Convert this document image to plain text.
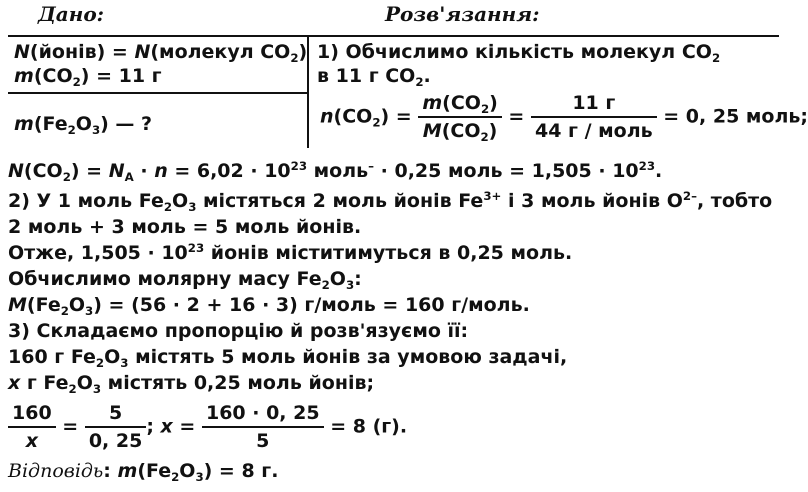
Дано:	Розв'язання:
N(йонів) = N(молекул $CO_2$)
$m(CO_2) = 11$ г
$m(Fe_2O_3)$ — ?
1) Обчислимо кількість молекул $CO_2$
в 11 г $CO_2$.
$n(CO_2) = \frac{m(CO_2)}{M(CO_2)} = \frac{11 г}{\text{44 г / моль}} = 0$, 25 моль;
$N(CO_2) = N_A \cdot n = 6,02 \cdot 10^{23}$ моль– · 0,25 моль = $1,505 \cdot 10^{23}$.
2) У 1 моль $Fe_2O_3$ містяться 2 моль йонів $Fe^{3+}$ і 3 моль йонів $O^{2-}$, тобто
2 моль + 3 моль = 5 моль йонів.
Отже, $1,505 \cdot 10^{23}$ йонів міститимуться в 0,25 моль.
Обчислимо молярну масу $Fe_2O_3$:
$M(Fe_2O_3) = (56 \cdot 2 + 16 \cdot 3)$ г/моль = 160 г/моль.
3) Складаємо пропорцію й розв'язуємо її:
160 г $Fe_2O_3$ містять 5 моль йонів за умовою задачі,
x г $Fe_2O_3$ містять 0,25 моль йонів;
$\frac{160}{x} = \frac{5}{0, 25}$ ; $x = \frac{160 \cdot 0, 25}{5} = 8$ (г).
Відповідь: $m(Fe_2O_3) = 8$ г.
